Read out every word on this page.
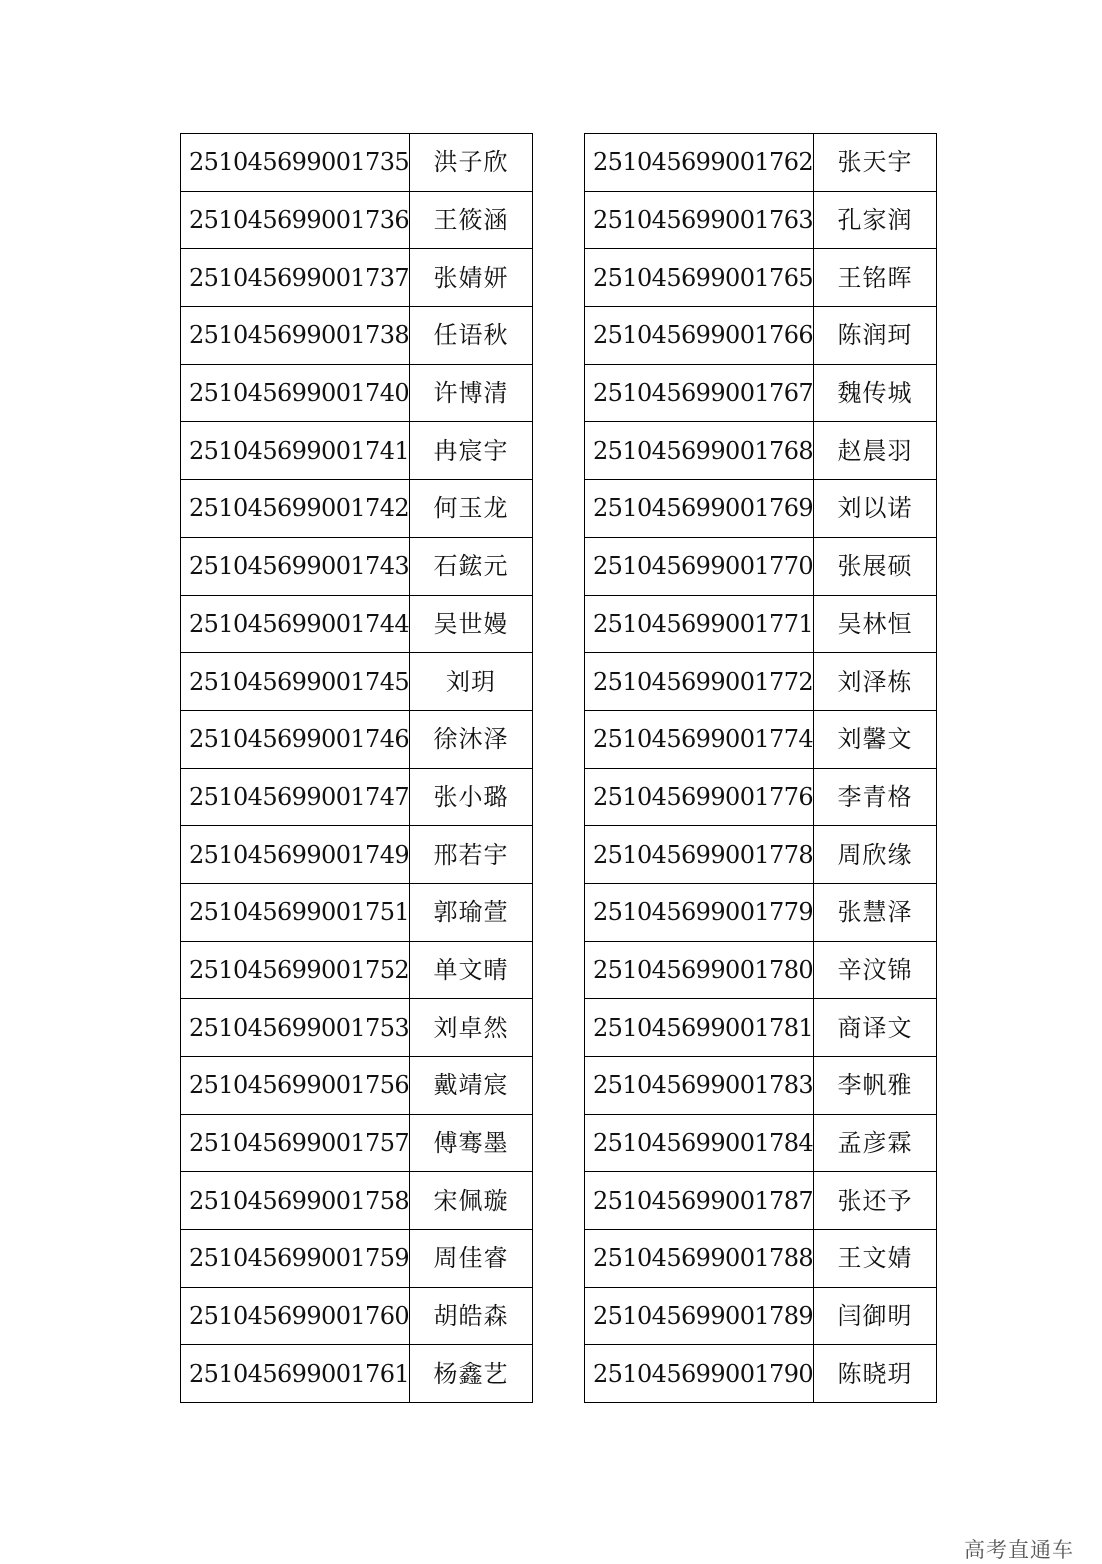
251045699001735	洪子欣
251045699001736	王筱涵
251045699001737	张婧妍
251045699001738	任语秋
251045699001740	许博清
251045699001741	冉宸宇
251045699001742	何玉龙
251045699001743	石鋐元
251045699001744	吴世嫚
251045699001745	刘玥
251045699001746	徐沐泽
251045699001747	张小璐
251045699001749	邢若宇
251045699001751	郭瑜萱
251045699001752	单文晴
251045699001753	刘卓然
251045699001756	戴靖宸
251045699001757	傅骞墨
251045699001758	宋佩璇
251045699001759	周佳睿
251045699001760	胡皓森
251045699001761	杨鑫艺
251045699001762	张天宇
251045699001763	孔家润
251045699001765	王铭晖
251045699001766	陈润珂
251045699001767	魏传城
251045699001768	赵晨羽
251045699001769	刘以诺
251045699001770	张展硕
251045699001771	吴林恒
251045699001772	刘泽栋
251045699001774	刘馨文
251045699001776	李青格
251045699001778	周欣缘
251045699001779	张慧泽
251045699001780	辛汶锦
251045699001781	商译文
251045699001783	李帆雅
251045699001784	孟彦霖
251045699001787	张还予
251045699001788	王文婧
251045699001789	闫御明
251045699001790	陈晓玥
高考直通车
